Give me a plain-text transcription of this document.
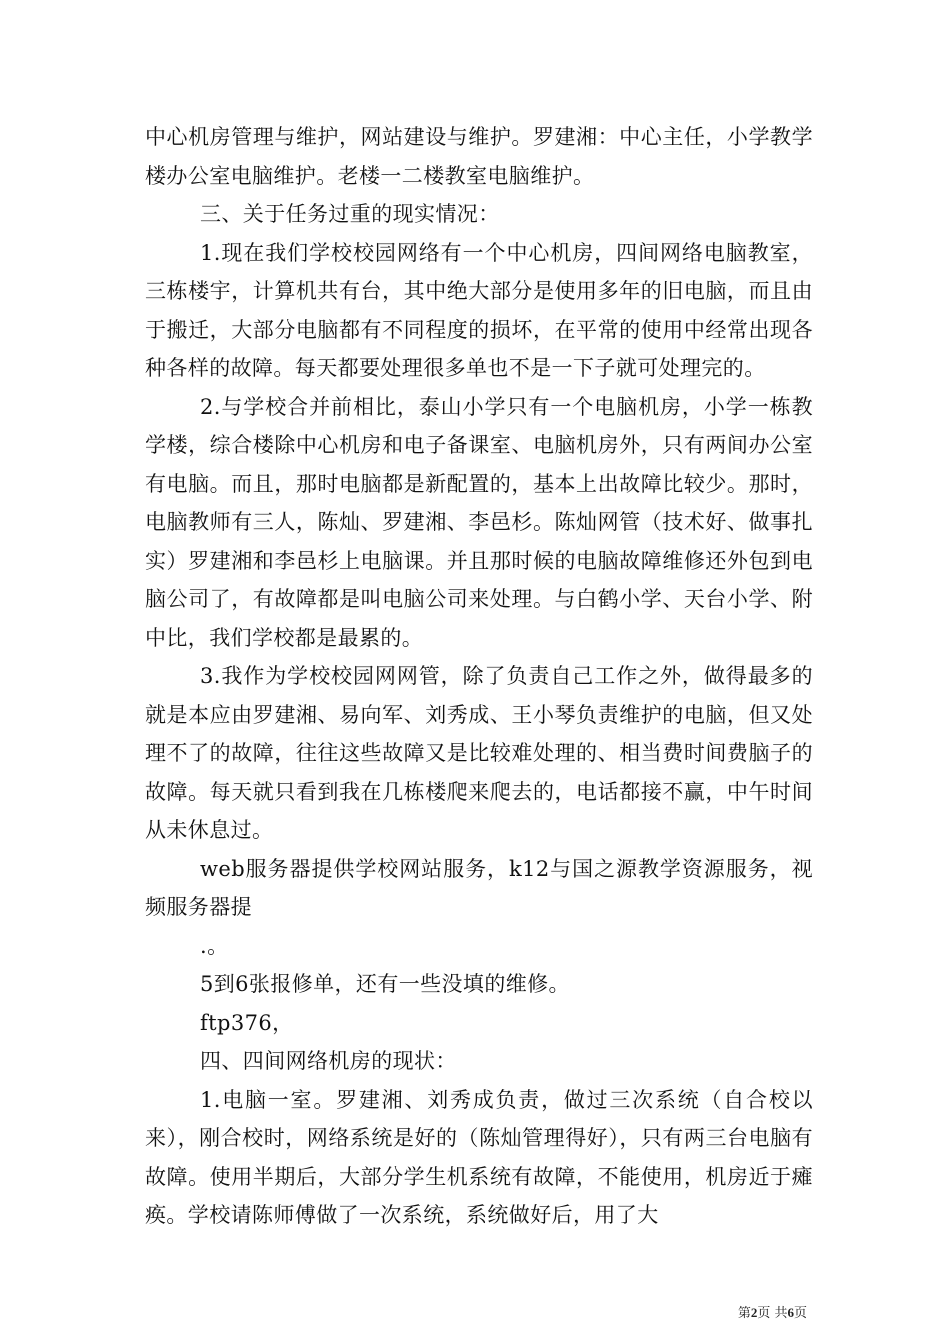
中心机房管理与维护，网站建设与维护。罗建湘：中心主任，小学教学楼办公室电脑维护。老楼一二楼教室电脑维护。

三、关于任务过重的现实情况：

1.现在我们学校校园网络有一个中心机房，四间网络电脑教室，三栋楼宇，计算机共有台，其中绝大部分是使用多年的旧电脑，而且由于搬迁，大部分电脑都有不同程度的损坏，在平常的使用中经常出现各种各样的故障。每天都要处理很多单也不是一下子就可处理完的。

2.与学校合并前相比，泰山小学只有一个电脑机房，小学一栋教学楼，综合楼除中心机房和电子备课室、电脑机房外，只有两间办公室有电脑。而且，那时电脑都是新配置的，基本上出故障比较少。那时，电脑教师有三人，陈灿、罗建湘、李邑杉。陈灿网管（技术好、做事扎实）罗建湘和李邑杉上电脑课。并且那时候的电脑故障维修还外包到电脑公司了，有故障都是叫电脑公司来处理。与白鹤小学、天台小学、附中比，我们学校都是最累的。

3.我作为学校校园网网管，除了负责自己工作之外，做得最多的就是本应由罗建湘、易向军、刘秀成、王小琴负责维护的电脑，但又处理不了的故障，往往这些故障又是比较难处理的、相当费时间费脑子的故障。每天就只看到我在几栋楼爬来爬去的，电话都接不赢，中午时间从未休息过。

web服务器提供学校网站服务，k12与国之源教学资源服务，视频服务器提

.。

5到6张报修单，还有一些没填的维修。

ftp376，

四、四间网络机房的现状：

1.电脑一室。罗建湘、刘秀成负责，做过三次系统（自合校以来），刚合校时，网络系统是好的（陈灿管理得好），只有两三台电脑有故障。使用半期后，大部分学生机系统有故障，不能使用，机房近于瘫痪。学校请陈师傅做了一次系统，系统做好后，用了大

第2页 共6页
